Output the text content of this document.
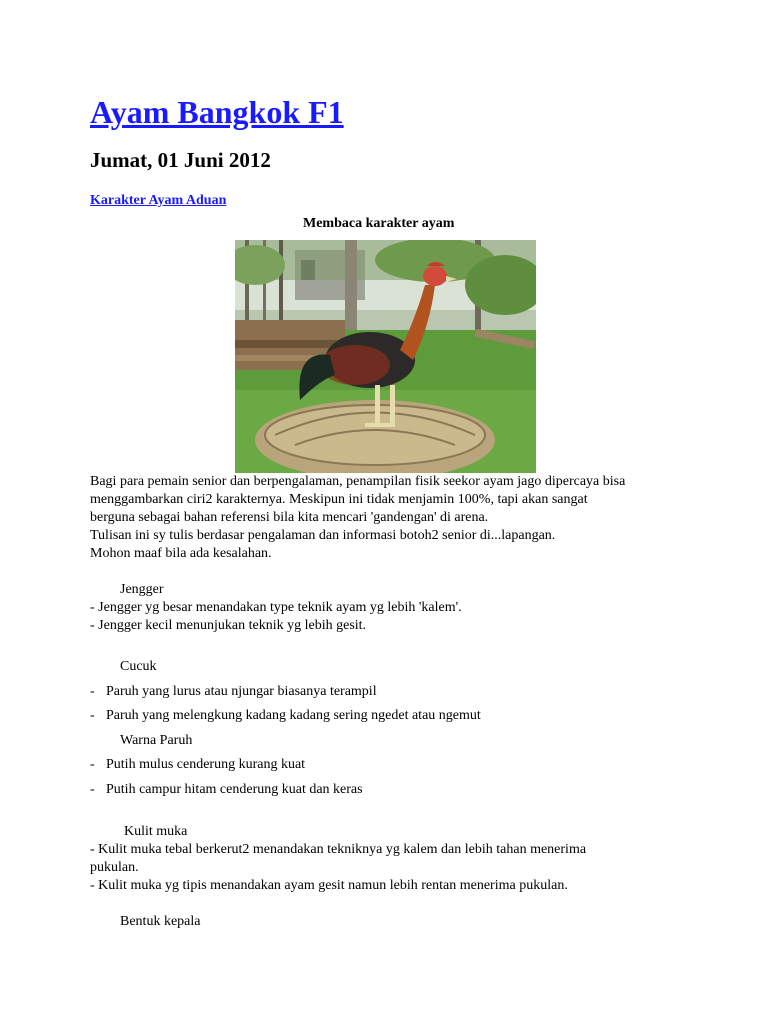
Ayam Bangkok F1
Jumat, 01 Juni 2012
Karakter Ayam Aduan
Membaca karakter ayam
Bagi para pemain senior dan berpengalaman, penampilan fisik seekor ayam jago dipercaya bisa
menggambarkan ciri2 karakternya. Meskipun ini tidak menjamin 100%, tapi akan sangat
berguna sebagai bahan referensi bila kita mencari 'gandengan' di arena.
Tulisan ini sy tulis berdasar pengalaman dan informasi botoh2 senior di...lapangan.
Mohon maaf bila ada kesalahan.
Jengger
- Jengger yg besar menandakan type teknik ayam yg lebih 'kalem'.
- Jengger kecil menunjukan teknik yg lebih gesit.
Cucuk
- Paruh yang lurus atau njungar biasanya terampil
- Paruh yang melengkung kadang kadang sering ngedet atau ngemut
Warna Paruh
- Putih mulus cenderung kurang kuat
- Putih campur hitam cenderung kuat dan keras
Kulit muka
- Kulit muka tebal berkerut2 menandakan tekniknya yg kalem dan lebih tahan menerima
pukulan.
- Kulit muka yg tipis menandakan ayam gesit namun lebih rentan menerima pukulan.
Bentuk kepala
